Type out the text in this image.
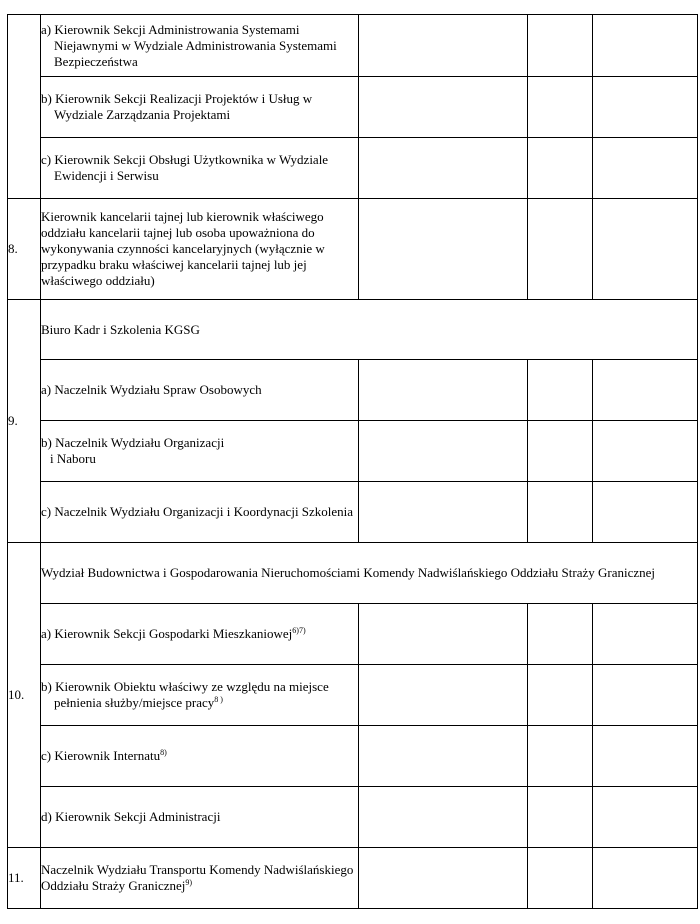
	a) Kierownik Sekcji Administrowania Systemami Niejawnymi w Wydziale Administrowania Systemami Bezpieczeństwa			

	b) Kierownik Sekcji Realizacji Projektów i Usług w Wydziale Zarządzania Projektami			

	c) Kierownik Sekcji Obsługi Użytkownika w Wydziale Ewidencji i Serwisu			

8.	Kierownik kancelarii tajnej lub kierownik właściwego oddziału kancelarii tajnej lub osoba upoważniona do wykonywania czynności kancelaryjnych (wyłącznie w przypadku braku właściwej kancelarii tajnej lub jej właściwego oddziału)			
9.	Biuro Kadr i Szkolenia KGSG			

	a) Naczelnik Wydziału Spraw Osobowych			

	b) Naczelnik Wydziału Organizacji
i Naboru			

	c) Naczelnik Wydziału Organizacji i Koordynacji Szkolenia			

10.	Wydział Budownictwa i Gospodarowania Nieruchomościami Komendy Nadwiślańskiego Oddziału Straży Granicznej			
	a) Kierownik Sekcji Gospodarki Mieszkaniowej$^{6)7)}$			

	b) Kierownik Obiektu właściwy ze względu na miejsce pełnienia służby/miejsce pracy$^{8 )}$

	c) Kierownik Internatu$^{8)}$			
	d) Kierownik Sekcji Administracji			
11.	Naczelnik Wydziału Transportu Komendy Nadwiślańskiego Oddziału Straży Granicznej$^{9)}$			
